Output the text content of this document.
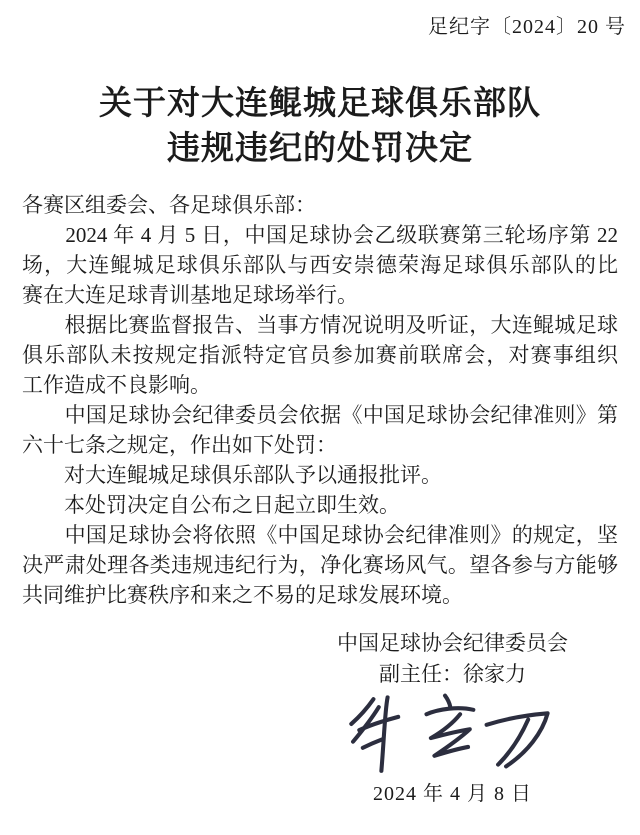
足纪字〔2024〕20 号
关于对大连鲲城足球俱乐部队
违规违纪的处罚决定
各赛区组委会、各足球俱乐部：
　　2024 年 4 月 5 日，中国足球协会乙级联赛第三轮场序第 22
场，大连鲲城足球俱乐部队与西安崇德荣海足球俱乐部队的比
赛在大连足球青训基地足球场举行。
　　根据比赛监督报告、当事方情况说明及听证，大连鲲城足球
俱乐部队未按规定指派特定官员参加赛前联席会，对赛事组织
工作造成不良影响。
　　中国足球协会纪律委员会依据《中国足球协会纪律准则》第
六十七条之规定，作出如下处罚：
　　对大连鲲城足球俱乐部队予以通报批评。
　　本处罚决定自公布之日起立即生效。
　　中国足球协会将依照《中国足球协会纪律准则》的规定，坚
决严肃处理各类违规违纪行为，净化赛场风气。望各参与方能够
共同维护比赛秩序和来之不易的足球发展环境。
中国足球协会纪律委员会
副主任：徐家力
2024 年 4 月 8 日
